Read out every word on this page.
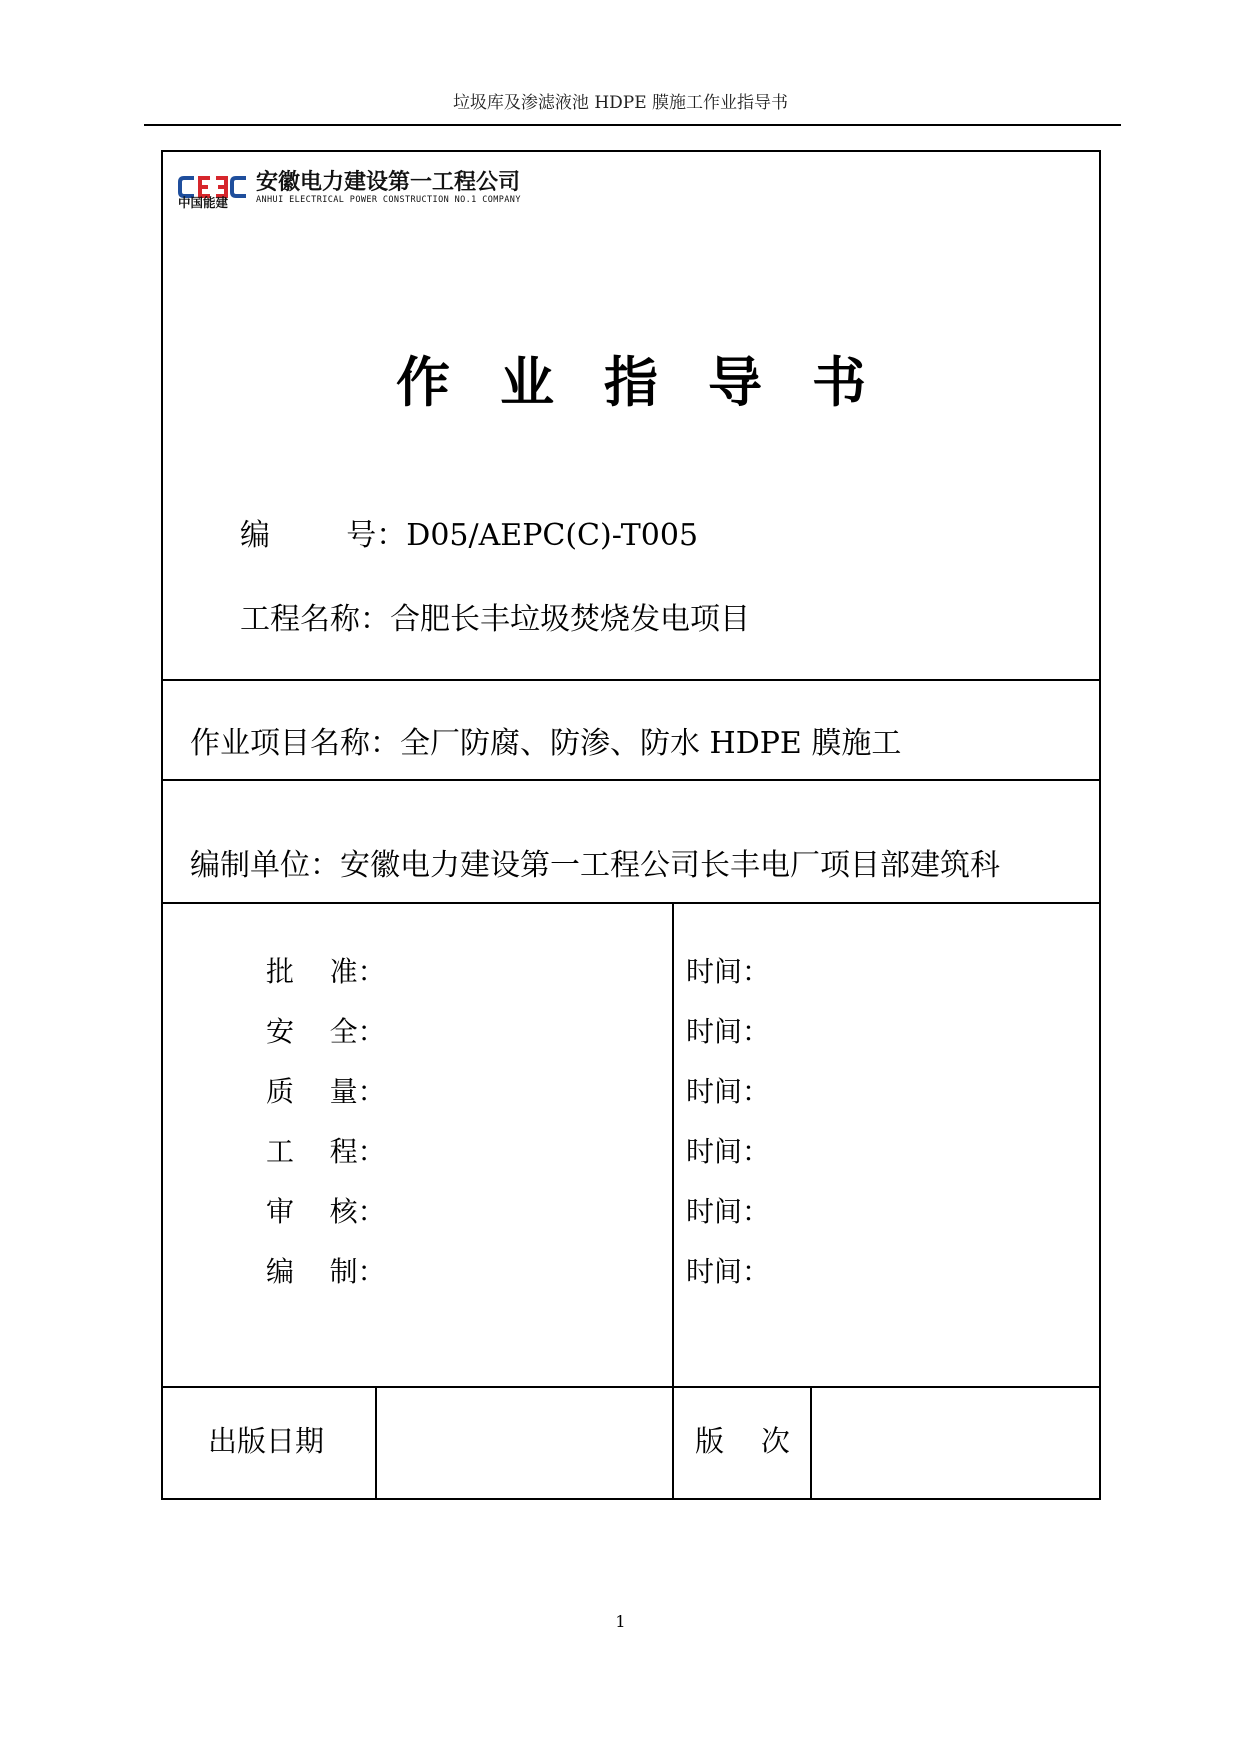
垃圾库及渗滤液池 HDPE 膜施工作业指导书
中国能建
安徽电力建设第一工程公司
ANHUI ELECTRICAL POWER CONSTRUCTION NO.1 COMPANY
作业指导书
编        号：D05/AEPC(C)-T005
工程名称：合肥长丰垃圾焚烧发电项目
作业项目名称：全厂防腐、防渗、防水 HDPE 膜施工
编制单位：安徽电力建设第一工程公司长丰电厂项目部建筑科
批    准：	时间：
安    全：	时间：
质    量：	时间：
工    程：	时间：
审    核：	时间：
编    制：	时间：
出版日期	版    次
1
